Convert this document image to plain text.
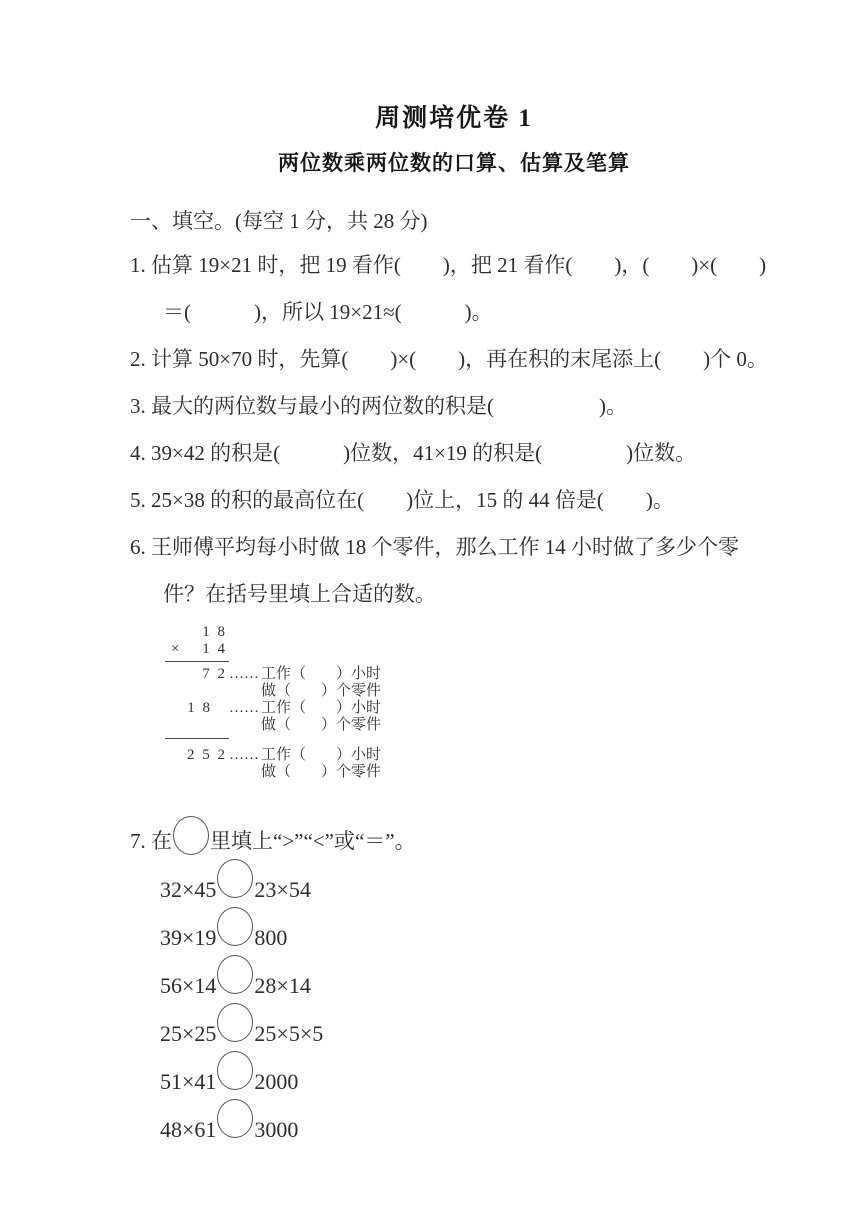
周测培优卷 1
两位数乘两位数的口算、估算及笔算
一、填空。(每空 1 分，共 28 分)
1. 估算 19×21 时，把 19 看作(　　)，把 21 看作(　　)，(　　)×(　　)
＝(　　　)，所以 19×21≈(　　　)。
2. 计算 50×70 时，先算(　　)×(　　)，再在积的末尾添上(　　)个 0。
3. 最大的两位数与最小的两位数的积是(　　　　　)。
4. 39×42 的积是(　　　)位数，41×19 的积是(　　　　)位数。
5. 25×38 的积的最高位在(　　)位上，15 的 44 倍是(　　)。
6. 王师傅平均每小时做 18 个零件，那么工作 14 小时做了多少个零
件？在括号里填上合适的数。
1 8
× 1 4
7 2 …… 工作（　　）小时
做（　　）个零件
1 8	…… 工作（　　）小时
做（　　）个零件
2 5 2 …… 工作（　　）小时
做（　　）个零件
7. 在 里填上“>”“<”或“＝”。
32×45 23×54
39×19 800
56×14 28×14
25×25 25×5×5
51×41 2000
48×61 3000
